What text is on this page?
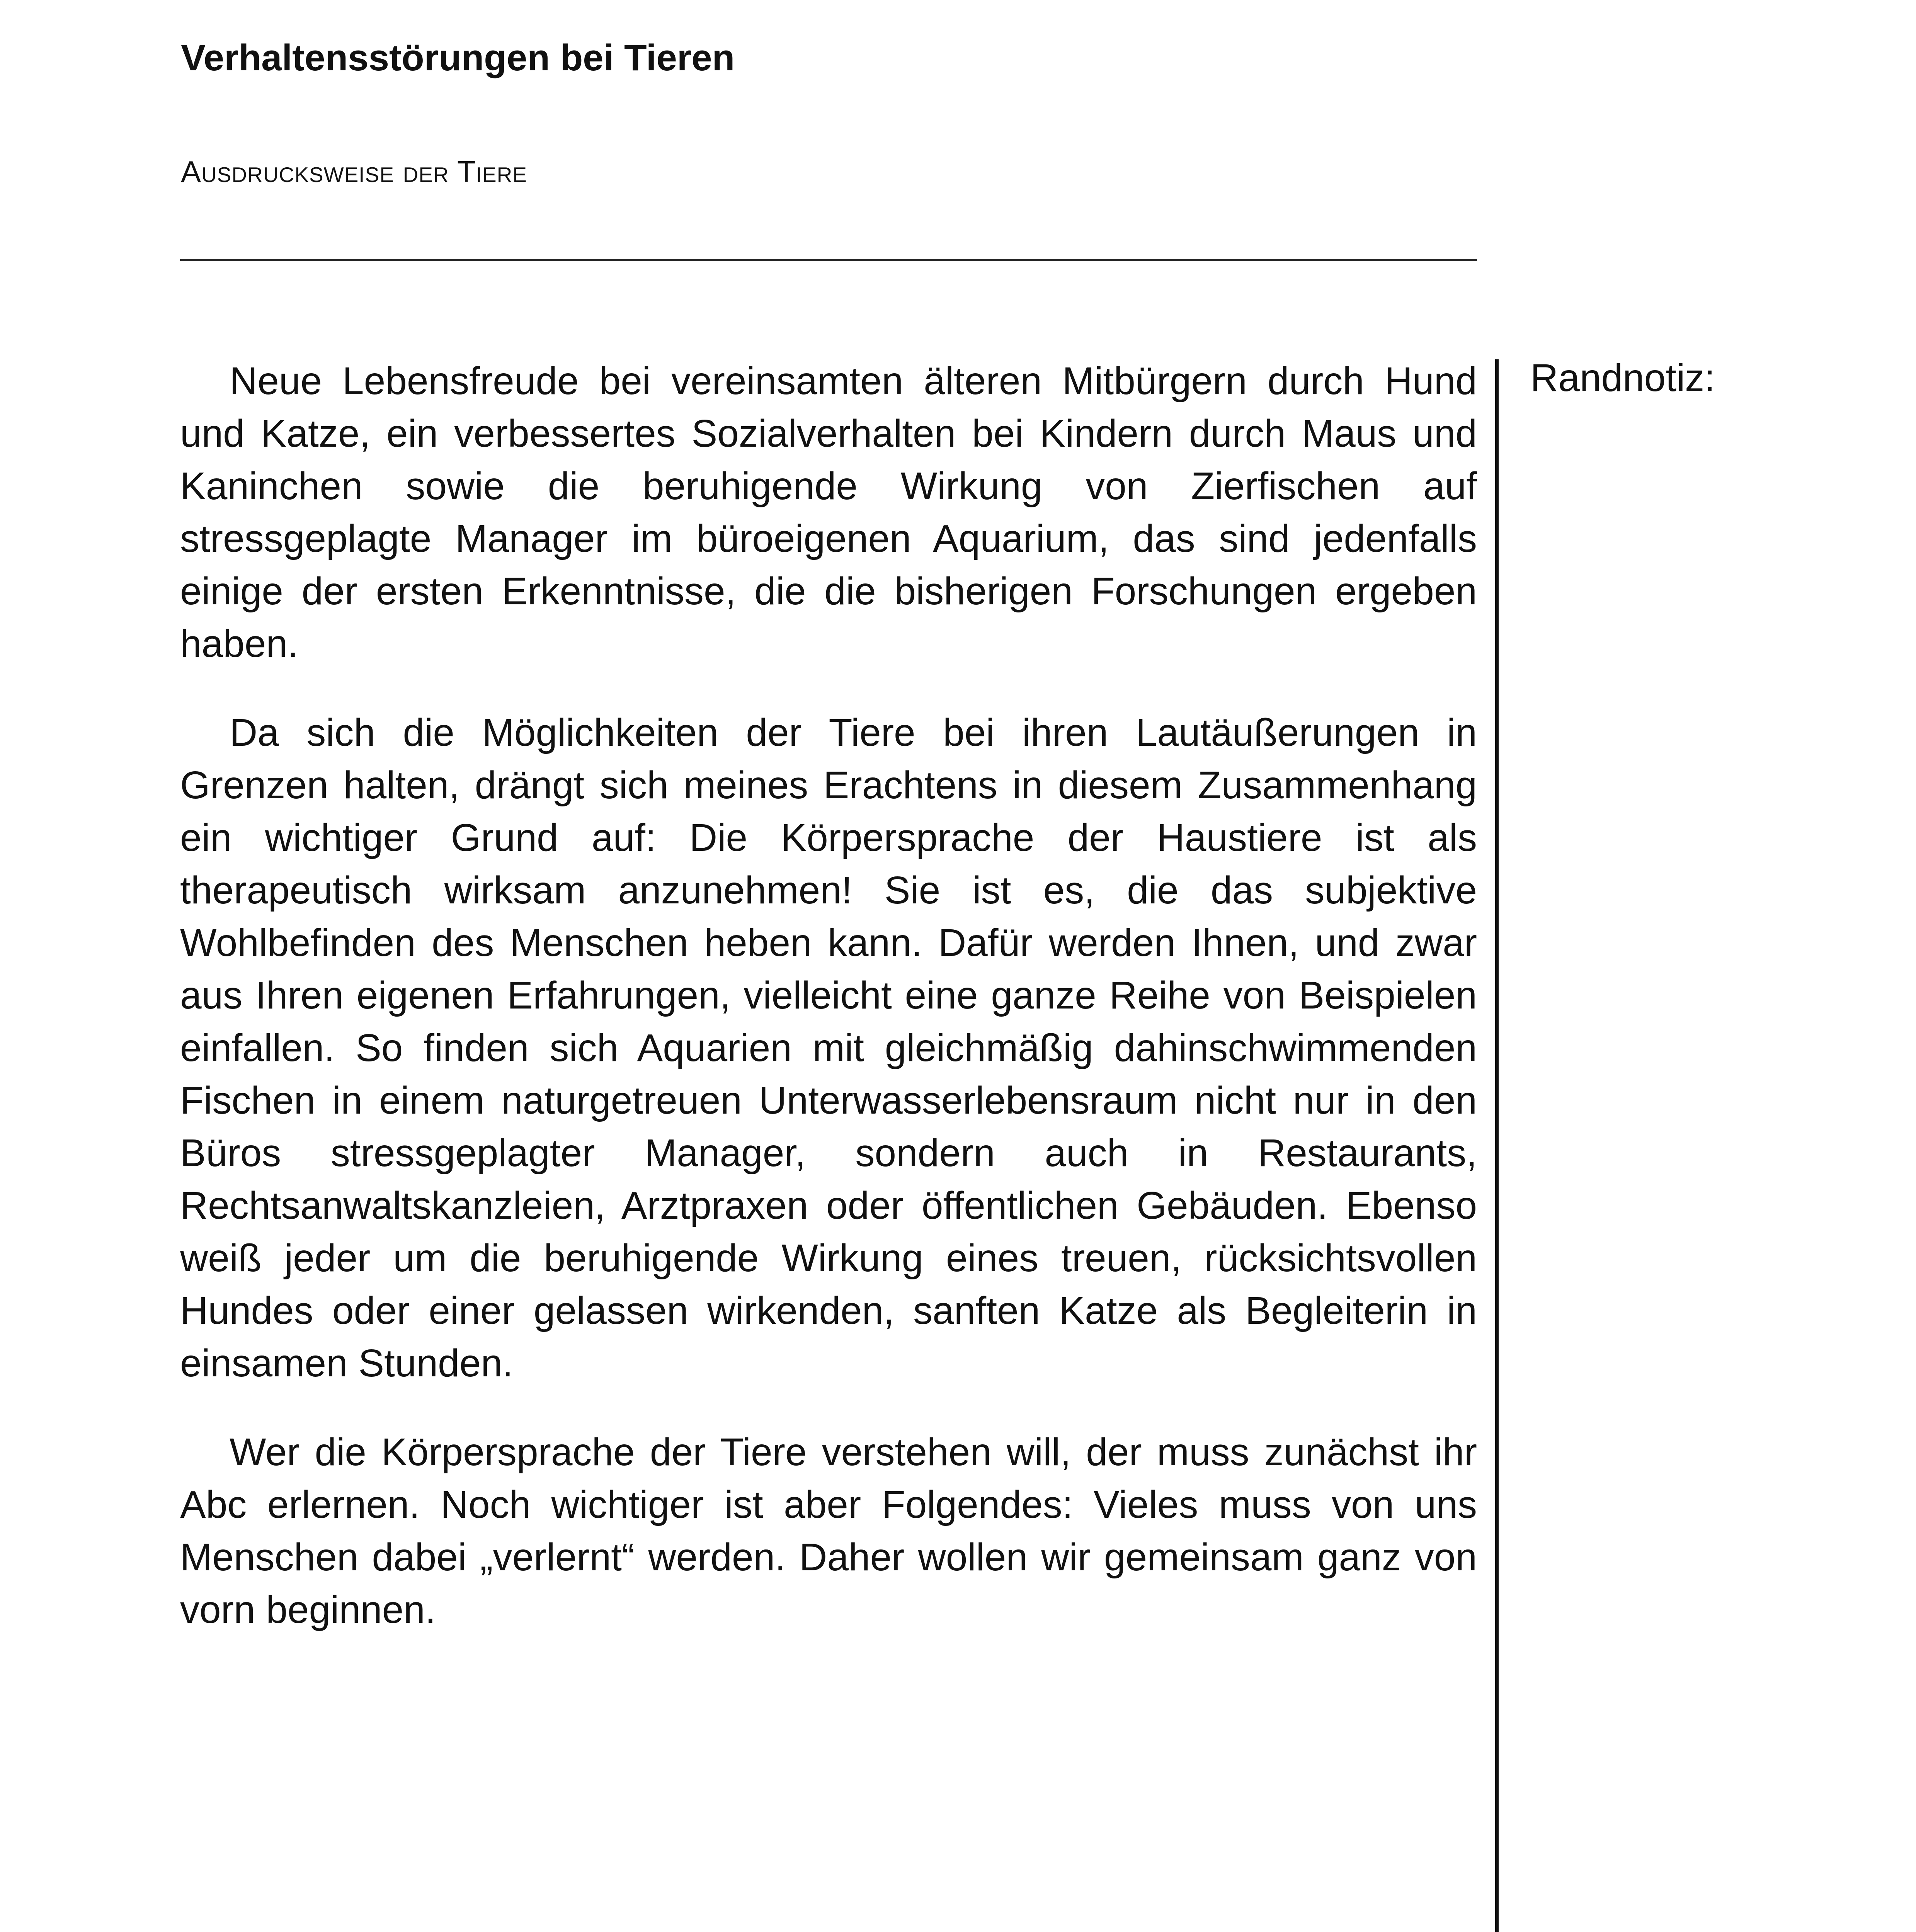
Verhaltensstörungen bei Tieren
Ausdrucksweise der Tiere

Neue Lebensfreude bei vereinsamten älteren Mitbürgern durch Hund und Katze, ein verbessertes Sozialverhalten bei Kindern durch Maus und Kaninchen sowie die beruhigende Wirkung von Zierfischen auf stressgeplagte Manager im büroeigenen Aquarium, das sind jedenfalls einige der ersten Erkenntnisse, die die bisherigen Forschungen ergeben haben.

Da sich die Möglichkeiten der Tiere bei ihren Lautäußerungen in Grenzen halten, drängt sich meines Erachtens in diesem Zusammenhang ein wichtiger Grund auf: Die Körpersprache der Haustiere ist als therapeutisch wirksam anzunehmen! Sie ist es, die das subjektive Wohlbefinden des Menschen heben kann. Dafür werden Ihnen, und zwar aus Ihren eigenen Erfahrungen, vielleicht eine ganze Reihe von Beispielen einfallen. So finden sich Aquarien mit gleichmäßig dahinschwimmenden Fischen in einem naturgetreuen Unterwasserlebensraum nicht nur in den Büros stressgeplagter Manager, sondern auch in Restaurants, Rechtsanwaltskanzleien, Arztpraxen oder öffentlichen Gebäuden. Ebenso weiß jeder um die beruhigende Wirkung eines treuen, rücksichtsvollen Hundes oder einer gelassen wirkenden, sanften Katze als Begleiterin in einsamen Stunden.

Wer die Körpersprache der Tiere verstehen will, der muss zunächst ihr Abc erlernen. Noch wichtiger ist aber Folgendes: Vieles muss von uns Menschen dabei „verlernt“ werden. Daher wollen wir gemeinsam ganz von vorn beginnen.

Randnotiz:
